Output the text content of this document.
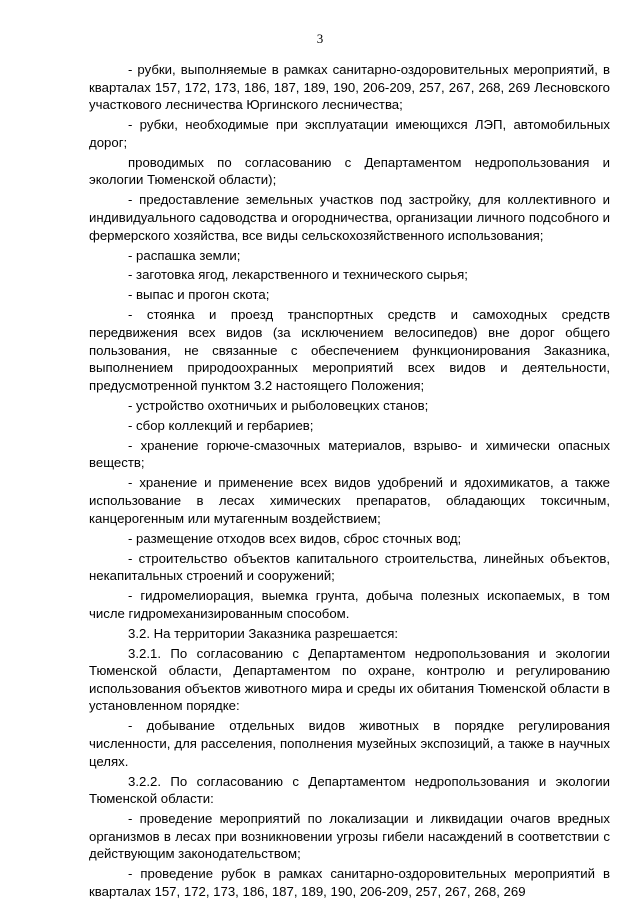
3

- рубки, выполняемые в рамках санитарно-оздоровительных мероприятий, в кварталах 157, 172, 173, 186, 187, 189, 190, 206-209, 257, 267, 268, 269 Лесновского участкового лесничества Юргинского лесничества;

- рубки, необходимые при эксплуатации имеющихся ЛЭП, автомобильных дорог;

проводимых по согласованию с Департаментом недропользования и экологии Тюменской области);

- предоставление земельных участков под застройку, для коллективного и индивидуального садоводства и огородничества, организации личного подсобного и фермерского хозяйства, все виды сельскохозяйственного использования;

- распашка земли;

- заготовка ягод, лекарственного и технического сырья;

- выпас и прогон скота;

- стоянка и проезд транспортных средств и самоходных средств передвижения всех видов (за исключением велосипедов) вне дорог общего пользования, не связанные с обеспечением функционирования Заказника, выполнением природоохранных мероприятий всех видов и деятельности, предусмотренной пунктом 3.2 настоящего Положения;

- устройство охотничьих и рыболовецких станов;

- сбор коллекций и гербариев;

- хранение горюче-смазочных материалов, взрыво- и химически опасных веществ;

- хранение и применение всех видов удобрений и ядохимикатов, а также использование в лесах химических препаратов, обладающих токсичным, канцерогенным или мутагенным воздействием;

- размещение отходов всех видов, сброс сточных вод;

- строительство объектов капитального строительства, линейных объектов, некапитальных строений и сооружений;

- гидромелиорация, выемка грунта, добыча полезных ископаемых, в том числе гидромеханизированным способом.

3.2. На территории Заказника разрешается:

3.2.1. По согласованию с Департаментом недропользования и экологии Тюменской области, Департаментом по охране, контролю и регулированию использования объектов животного мира и среды их обитания Тюменской области в установленном порядке:

- добывание отдельных видов животных в порядке регулирования численности, для расселения, пополнения музейных экспозиций, а также в научных целях.

3.2.2. По согласованию с Департаментом недропользования и экологии Тюменской области:

- проведение мероприятий по локализации и ликвидации очагов вредных организмов в лесах при возникновении угрозы гибели насаждений в соответствии с действующим законодательством;

- проведение рубок в рамках санитарно-оздоровительных мероприятий в кварталах 157, 172, 173, 186, 187, 189, 190, 206-209, 257, 267, 268, 269
